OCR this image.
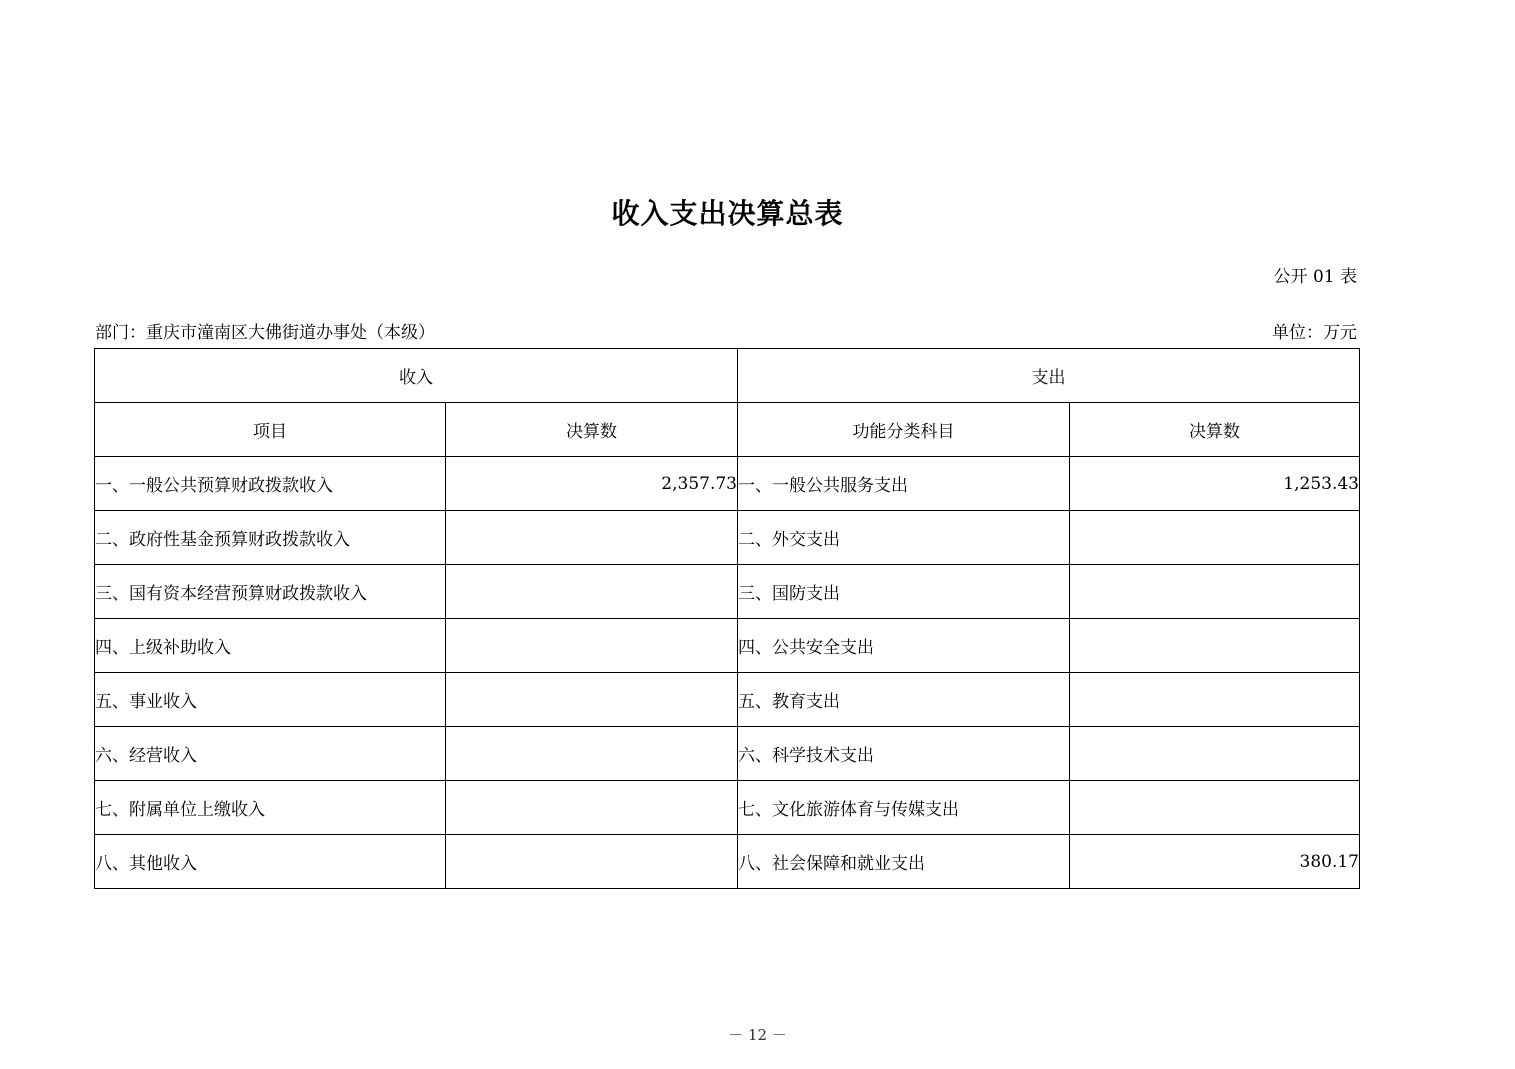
收入支出决算总表
公开 01 表
部门：重庆市潼南区大佛街道办事处（本级）	单位：万元
收入		支出	
项目	决算数	功能分类科目	决算数
一、一般公共预算财政拨款收入	2,357.73	一、一般公共服务支出	1,253.43
二、政府性基金预算财政拨款收入		二、外交支出	
三、国有资本经营预算财政拨款收入		三、国防支出	
四、上级补助收入		四、公共安全支出	
五、事业收入		五、教育支出	
六、经营收入		六、科学技术支出	
七、附属单位上缴收入		七、文化旅游体育与传媒支出	
八、其他收入		八、社会保障和就业支出	380.17
－ 12 －
